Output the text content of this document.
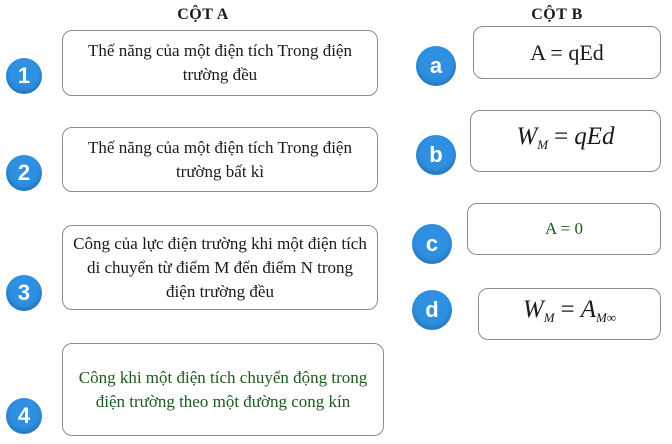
CỘT A	CỘT B
1
Thế năng của một điện tích Trong điện trường đều
2
Thế năng của một điện tích Trong điện trường bất kì
3
Công của lực điện trường khi một điện tích di chuyển từ điểm M đến điểm N trong điện trường đều
4
Công khi một điện tích chuyển động trong điện trường theo một đường cong kín
a
A = qEd
b
$W_M$ = qEd
c
A = 0
d	$W_M = A_{M\infty}$
